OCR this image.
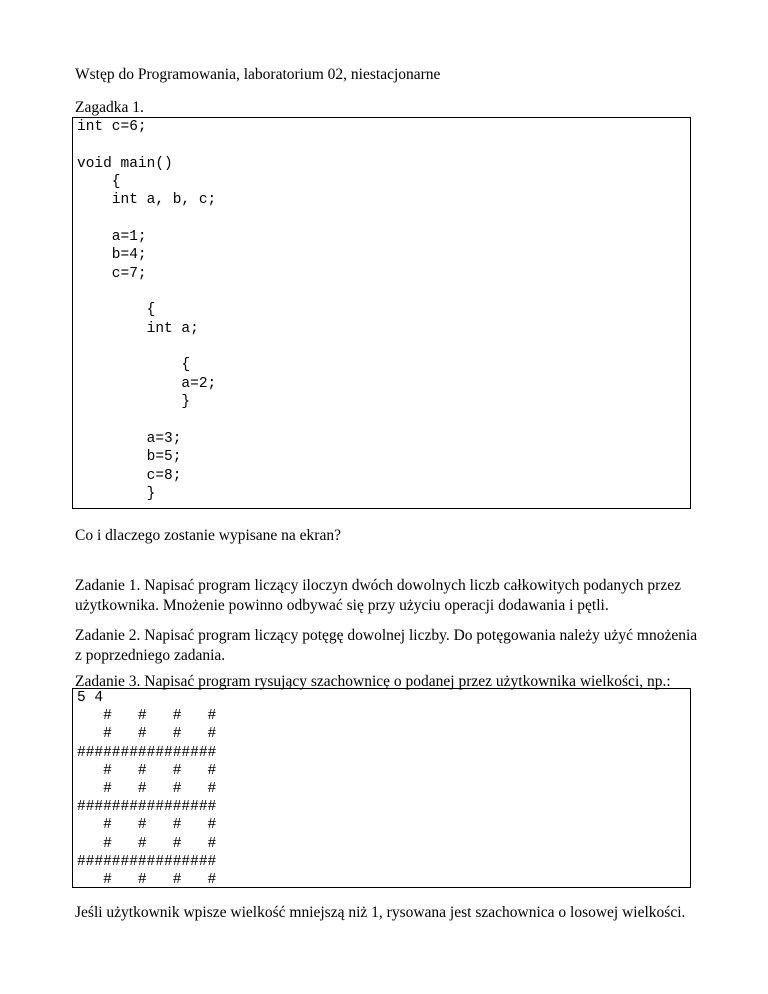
Wstęp do Programowania, laboratorium 02, niestacjonarne
Zagadka 1.
int c=6;
void main()
{
int a, b, c;
a=1;
b=4;
c=7;
{
int a;
{
a=2;
}
a=3;
b=5;
c=8;
}
Co i dlaczego zostanie wypisane na ekran?
Zadanie 1. Napisać program liczący iloczyn dwóch dowolnych liczb całkowitych podanych przez
użytkownika. Mnożenie powinno odbywać się przy użyciu operacji dodawania i pętli.
Zadanie 2. Napisać program liczący potęgę dowolnej liczby. Do potęgowania należy użyć mnożenia
z poprzedniego zadania.
Zadanie 3. Napisać program rysujący szachownicę o podanej przez użytkownika wielkości, np.:
5 4
#   #   #   #
#   #   #   #
################
#   #   #   #
#   #   #   #
################
#   #   #   #
#   #   #   #
################
#   #   #   #
Jeśli użytkownik wpisze wielkość mniejszą niż 1, rysowana jest szachownica o losowej wielkości.
